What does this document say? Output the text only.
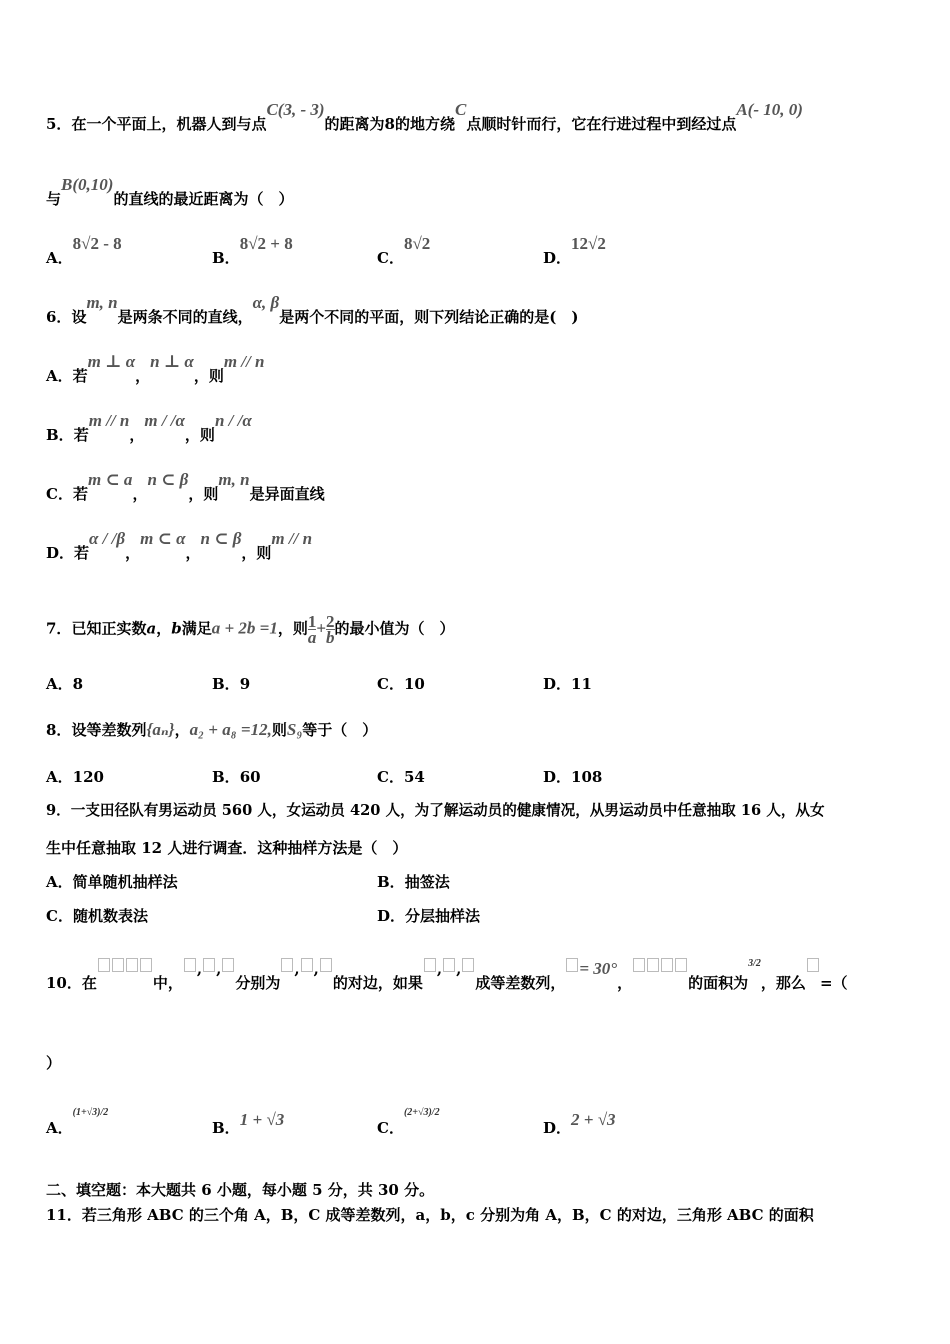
5．在一个平面上，机器人到与点C(3, - 3)的距离为8的地方绕C点顺时针而行，它在行进过程中到经过点A(- 10, 0)
与B(0,10)的直线的最近距离为（　）
A．8√2 - 8
B．8√2 + 8
C．8√2
D．12√2
6．设m, n是两条不同的直线，α, β是两个不同的平面，则下列结论正确的是(　)
A．若m ⊥ α，n ⊥ α，则m // n
B．若m // n，m / /α，则n / /α
C．若m ⊂ a，n ⊂ β，则m, n是异面直线
D．若α / /β，m ⊂ α，n ⊂ β，则m // n
7．已知正实数a，b满足a + 2b =1，则 $\frac{1}{a} + \frac{2}{b}$ 的最小值为（　）
A．8	B．9	C．10	D．11
8．设等差数列{aₙ}，a₂ + a₈ =12,则S₉等于（　）
A．120	B．60	C．54	D．108
9．一支田径队有男运动员 560 人，女运动员 420 人，为了解运动员的健康情况，从男运动员中任意抽取 16 人，从女
生中任意抽取 12 人进行调查．这种抽样方法是（　）
A．简单随机抽样法	B．抽签法
C．随机数表法	D．分层抽样法
10．在	中，, ,分别为, ,的对边，如果, ,成等差数列，= 30°，	的面积为$^{3/2}$，那么 =（
）
A．$^{(1+√3)/2}$
B．1 + √3	C．$^{(2+√3)/2}$
D．2 + √3
二、填空题：本大题共 6 小题，每小题 5 分，共 30 分。
11．若三角形 ABC 的三个角 A，B，C 成等差数列，a，b，c 分别为角 A，B，C 的对边，三角形 ABC 的面积
